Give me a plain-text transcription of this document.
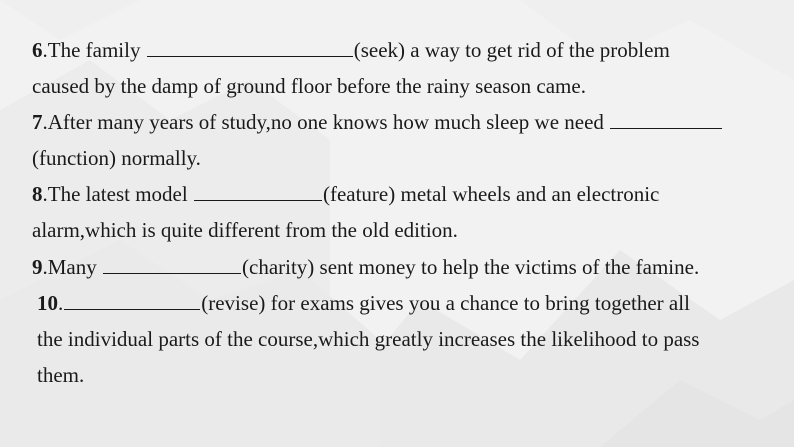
6.The family	(seek) a way to get rid of the problem
caused by the damp of ground floor before the rainy season came.
7.After many years of study,no one knows how much sleep we need
(function) normally.
8.The latest model	(feature) metal wheels and an electronic
alarm,which is quite different from the old edition.
9.Many	(charity) sent money to help the victims of the famine.
10.	(revise) for exams gives you a chance to bring together all
the individual parts of the course,which greatly increases the likelihood to pass
them.
